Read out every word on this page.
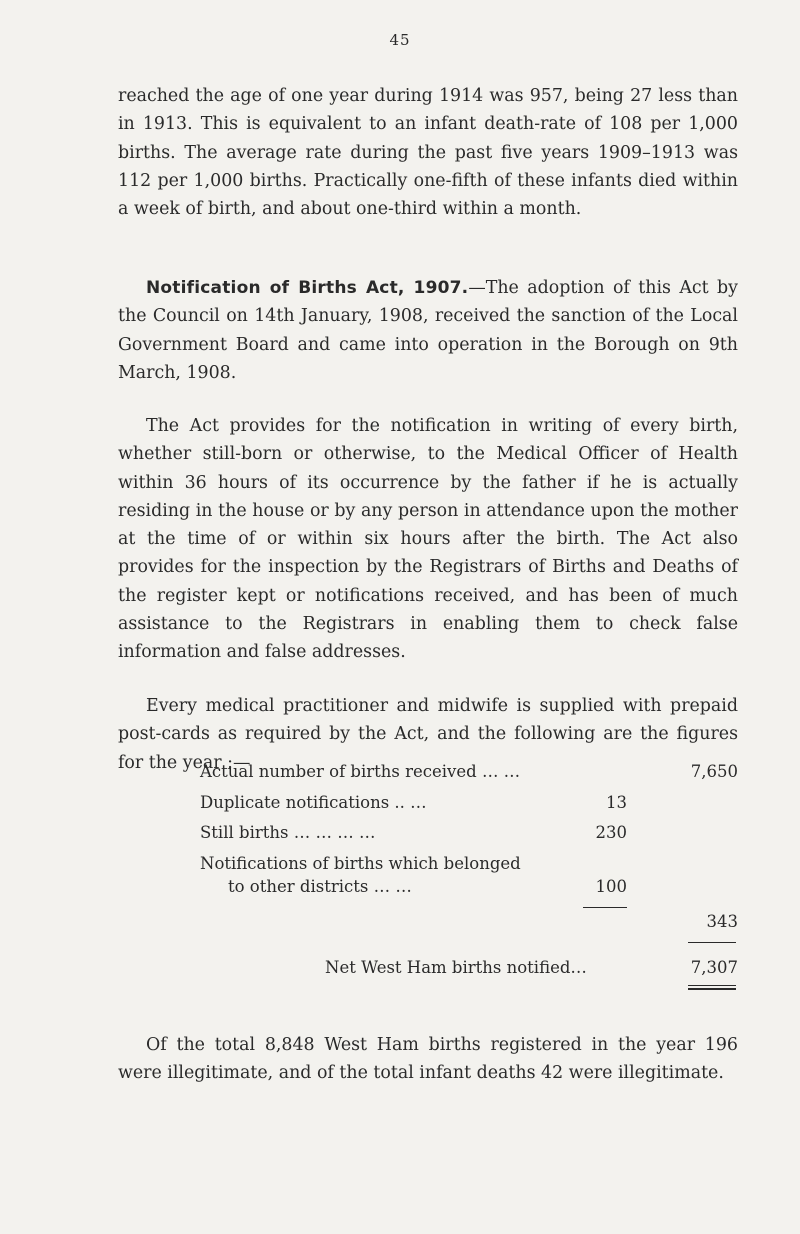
45

reached the age of one year during 1914 was 957, being 27 less than in 1913. This is equivalent to an infant death-rate of 108 per 1,000 births. The average rate during the past five years 1909–1913 was 112 per 1,000 births. Practically one-fifth of these infants died within a week of birth, and about one-third within a month.

Notification of Births Act, 1907.—The adoption of this Act by the Council on 14th January, 1908, received the sanction of the Local Government Board and came into operation in the Borough on 9th March, 1908.

The Act provides for the notification in writing of every birth, whether still-born or otherwise, to the Medical Officer of Health within 36 hours of its occurrence by the father if he is actually residing in the house or by any person in attendance upon the mother at the time of or within six hours after the birth. The Act also provides for the inspection by the Registrars of Births and Deaths of the register kept or notifications received, and has been of much assistance to the Registrars in enabling them to check false information and false addresses.

Every medical practitioner and midwife is supplied with prepaid post-cards as required by the Act, and the following are the figures for the year :—

Actual number of births received … …	7,650
Duplicate notifications .. …	13
Still births … … … …	230
Notifications of births which belonged
to other districts … …	100
343
Net West Ham births notified…	7,307

Of the total 8,848 West Ham births registered in the year 196 were illegitimate, and of the total infant deaths 42 were illegitimate.
